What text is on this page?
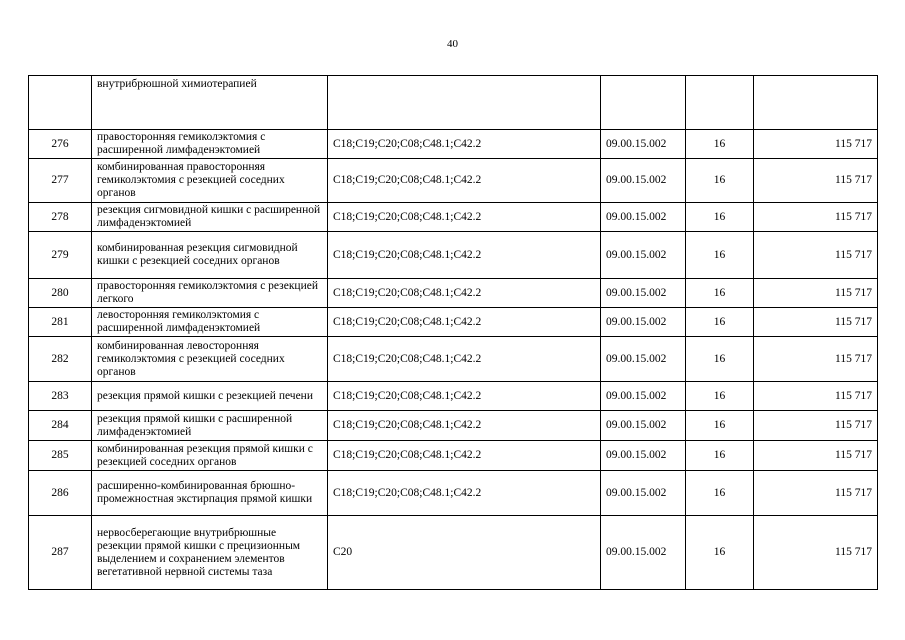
40
	внутрибрюшной химиотерапией				
276	правосторонняя гемиколэктомия с расширенной лимфаденэктомией	C18;C19;C20;C08;C48.1;C42.2	09.00.15.002	16	115 717
277	комбинированная правосторонняя гемиколэктомия с резекцией соседних органов	C18;C19;C20;C08;C48.1;C42.2	09.00.15.002	16	115 717
278	резекция сигмовидной кишки с расширенной лимфаденэктомией	C18;C19;C20;C08;C48.1;C42.2	09.00.15.002	16	115 717
279	комбинированная резекция сигмовидной кишки с резекцией соседних органов	C18;C19;C20;C08;C48.1;C42.2	09.00.15.002	16	115 717
280	правосторонняя гемиколэктомия с резекцией легкого	C18;C19;C20;C08;C48.1;C42.2	09.00.15.002	16	115 717
281	левосторонняя гемиколэктомия с расширенной лимфаденэктомией	C18;C19;C20;C08;C48.1;C42.2	09.00.15.002	16	115 717
282	комбинированная левосторонняя гемиколэктомия с резекцией соседних органов	C18;C19;C20;C08;C48.1;C42.2	09.00.15.002	16	115 717
283	резекция прямой кишки с резекцией печени	C18;C19;C20;C08;C48.1;C42.2	09.00.15.002	16	115 717
284	резекция прямой кишки с расширенной лимфаденэктомией	C18;C19;C20;C08;C48.1;C42.2	09.00.15.002	16	115 717
285	комбинированная резекция прямой кишки с резекцией соседних органов	C18;C19;C20;C08;C48.1;C42.2	09.00.15.002	16	115 717
286	расширенно-комбинированная брюшно-промежностная экстирпация прямой кишки	C18;C19;C20;C08;C48.1;C42.2	09.00.15.002	16	115 717
287	нервосберегающие внутрибрюшные резекции прямой кишки с прецизионным выделением и сохранением элементов вегетативной нервной системы таза	C20	09.00.15.002	16	115 717
